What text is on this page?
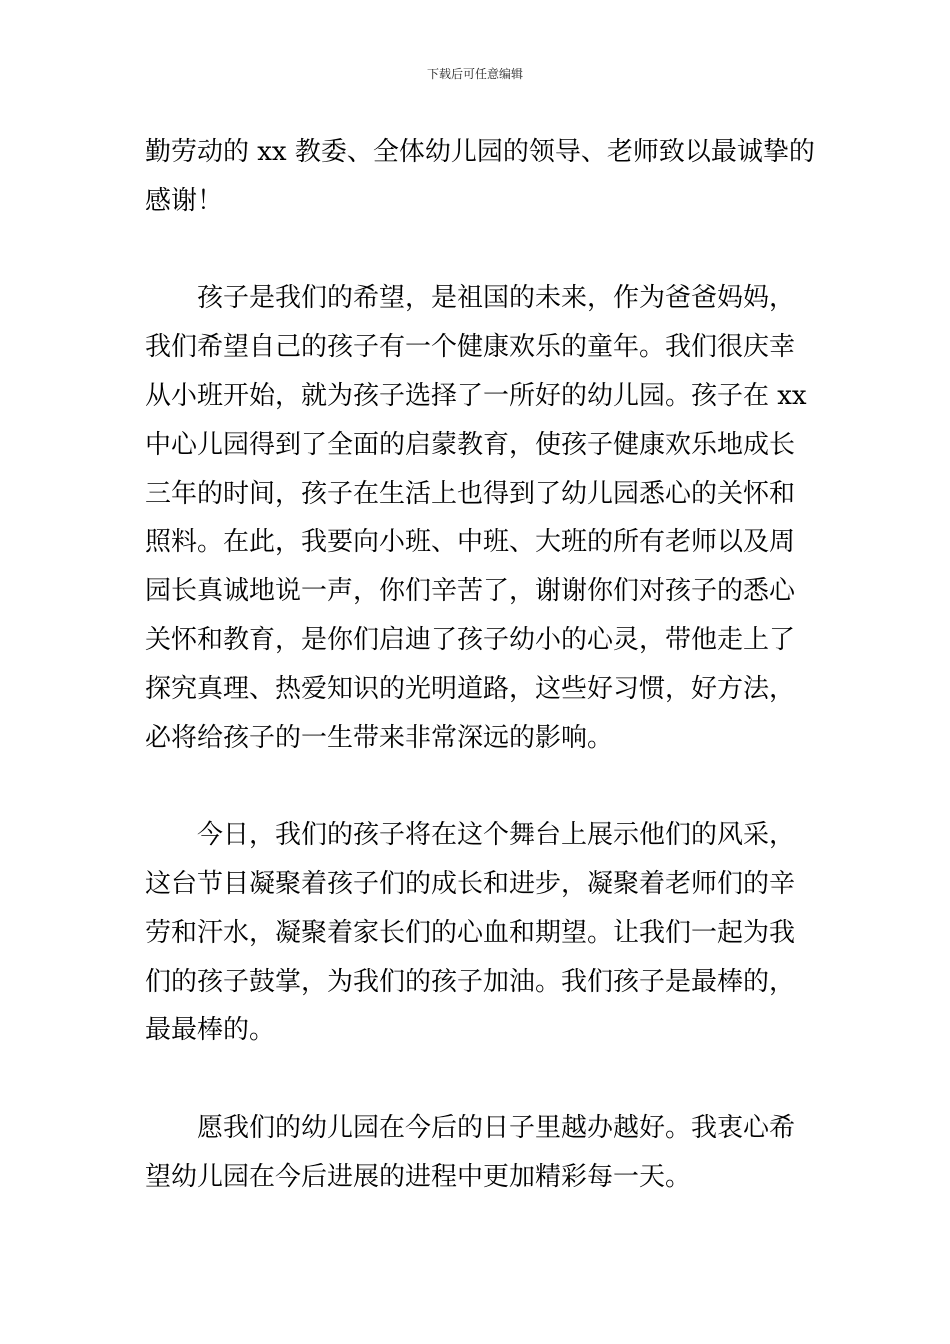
下载后可任意编辑
勤劳动的 xx 教委、全体幼儿园的领导、老师致以最诚挚的
感谢！
　　孩子是我们的希望，是祖国的未来，作为爸爸妈妈，
我们希望自己的孩子有一个健康欢乐的童年。我们很庆幸
从小班开始，就为孩子选择了一所好的幼儿园。孩子在 xx
中心儿园得到了全面的启蒙教育，使孩子健康欢乐地成长
三年的时间，孩子在生活上也得到了幼儿园悉心的关怀和
照料。在此，我要向小班、中班、大班的所有老师以及周
园长真诚地说一声，你们辛苦了，谢谢你们对孩子的悉心
关怀和教育，是你们启迪了孩子幼小的心灵，带他走上了
探究真理、热爱知识的光明道路，这些好习惯，好方法，
必将给孩子的一生带来非常深远的影响。
　　今日，我们的孩子将在这个舞台上展示他们的风采，
这台节目凝聚着孩子们的成长和进步，凝聚着老师们的辛
劳和汗水，凝聚着家长们的心血和期望。让我们一起为我
们的孩子鼓掌，为我们的孩子加油。我们孩子是最棒的，
最最棒的。
　　愿我们的幼儿园在今后的日子里越办越好。我衷心希
望幼儿园在今后进展的进程中更加精彩每一天。
